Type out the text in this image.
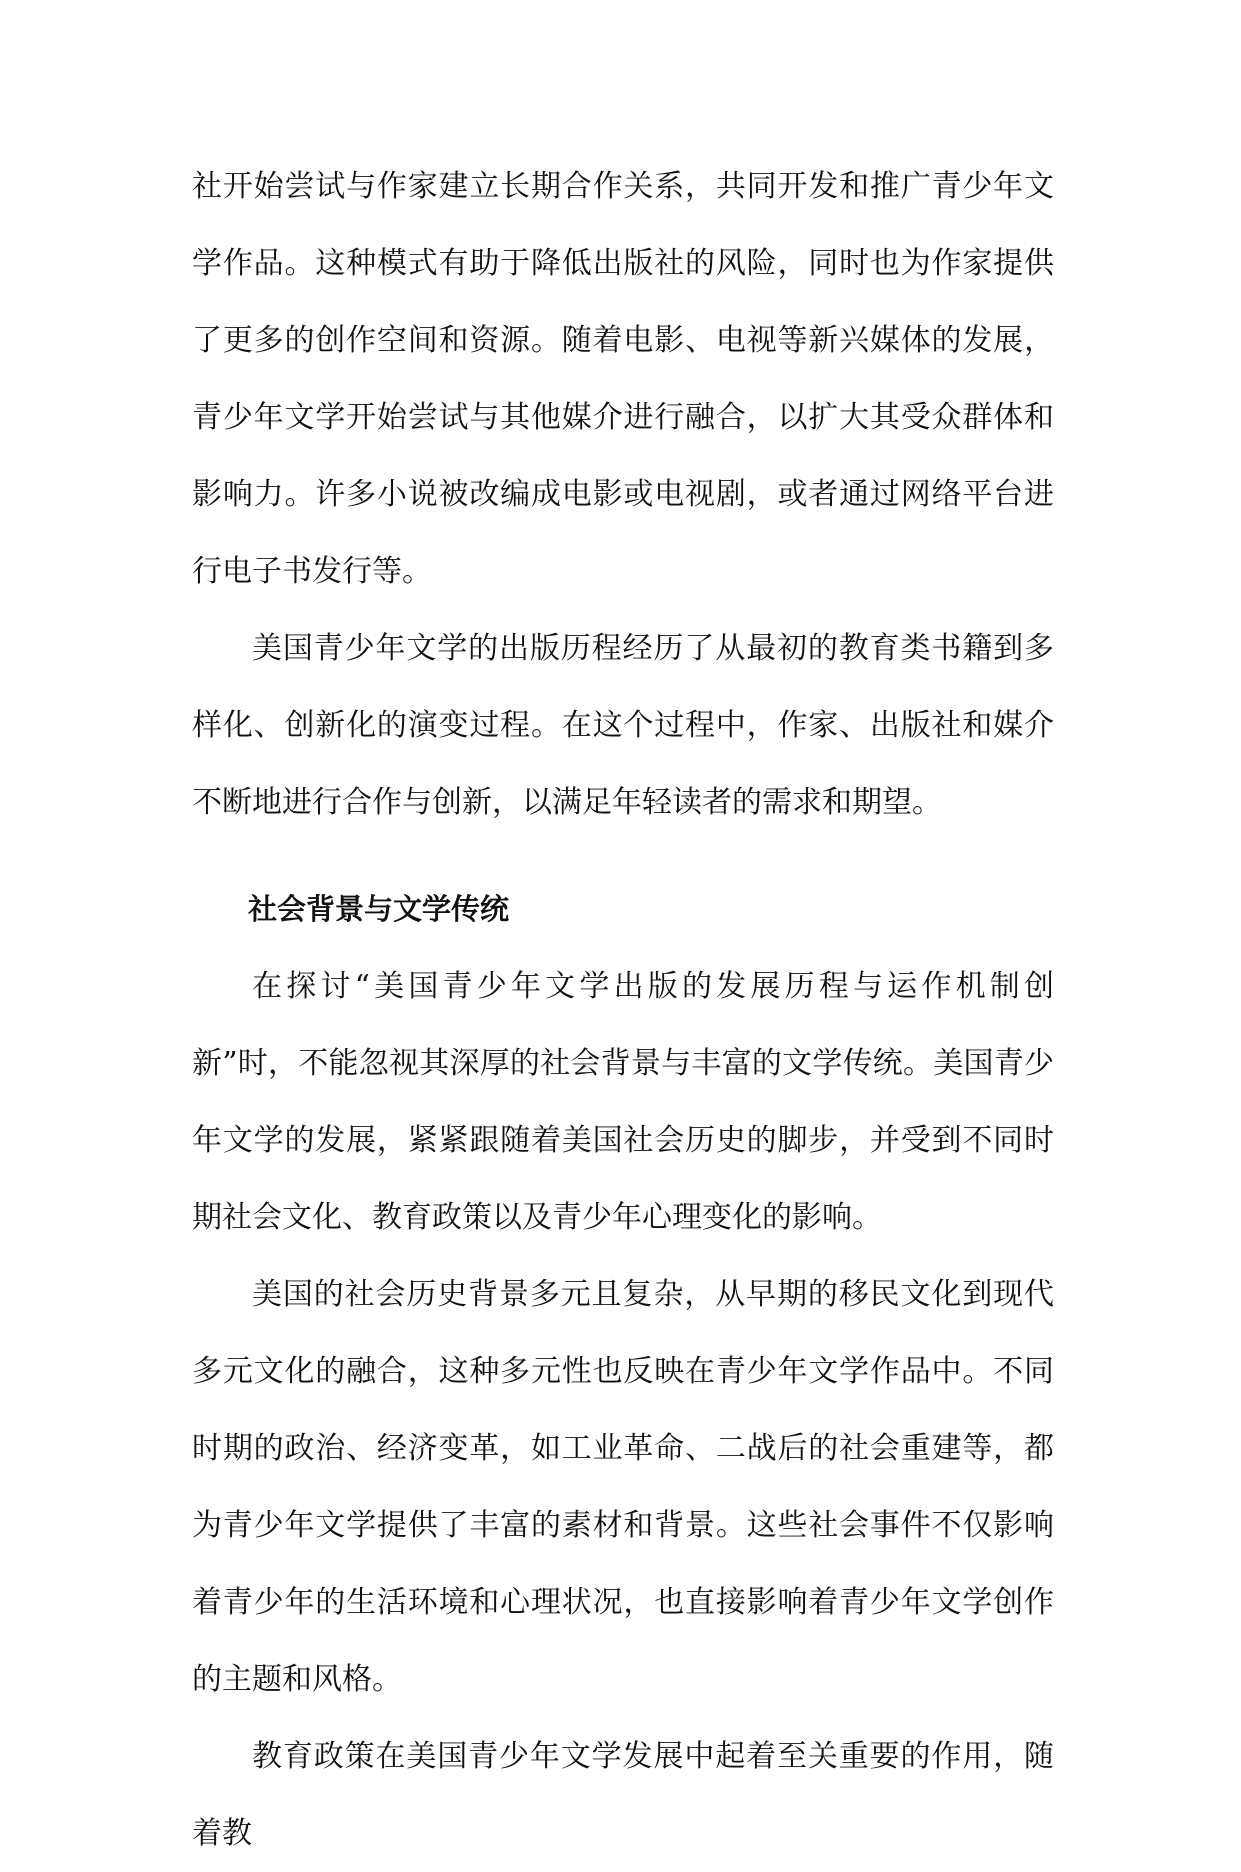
社开始尝试与作家建立长期合作关系，共同开发和推广青少年文学作品。这种模式有助于降低出版社的风险，同时也为作家提供了更多的创作空间和资源。随着电影、电视等新兴媒体的发展，青少年文学开始尝试与其他媒介进行融合，以扩大其受众群体和影响力。许多小说被改编成电影或电视剧，或者通过网络平台进行电子书发行等。

美国青少年文学的出版历程经历了从最初的教育类书籍到多样化、创新化的演变过程。在这个过程中，作家、出版社和媒介不断地进行合作与创新，以满足年轻读者的需求和期望。

社会背景与文学传统

在探讨“美国青少年文学出版的发展历程与运作机制创新”时，不能忽视其深厚的社会背景与丰富的文学传统。美国青少年文学的发展，紧紧跟随着美国社会历史的脚步，并受到不同时期社会文化、教育政策以及青少年心理变化的影响。

美国的社会历史背景多元且复杂，从早期的移民文化到现代多元文化的融合，这种多元性也反映在青少年文学作品中。不同时期的政治、经济变革，如工业革命、二战后的社会重建等，都为青少年文学提供了丰富的素材和背景。这些社会事件不仅影响着青少年的生活环境和心理状况，也直接影响着青少年文学创作的主题和风格。

教育政策在美国青少年文学发展中起着至关重要的作用，随着教
